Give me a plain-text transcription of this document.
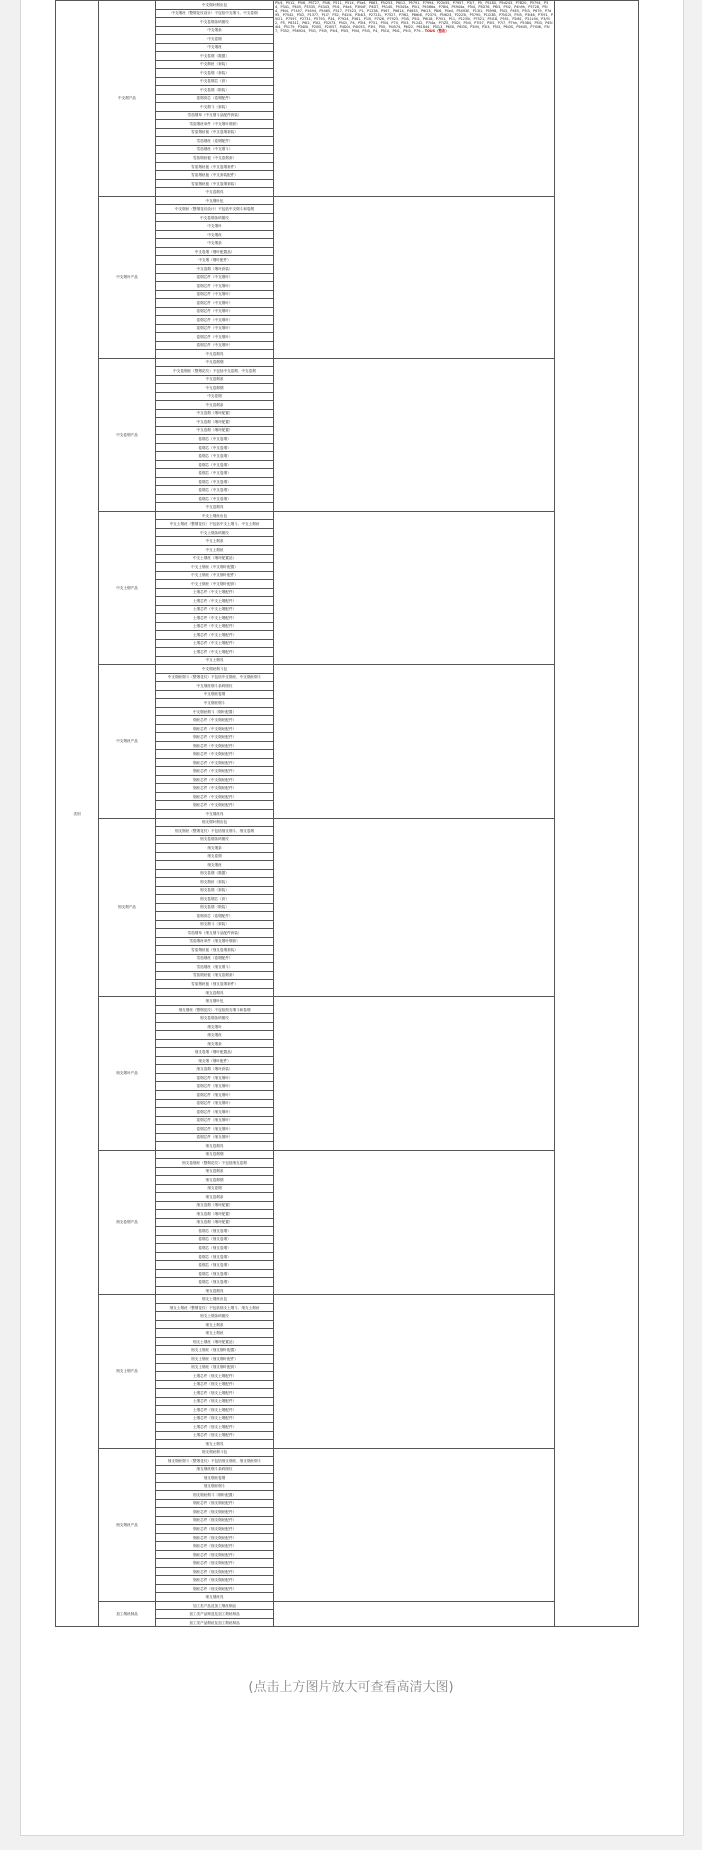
类别	中支烟产品	中支烟叶烟出包	P5/4、P512、P5i6、P5T27、P5I8、P511、P514、P5a4、P663、P5i253、P6i12、P5791、P7994、P22k55、P7957、P3/7、P5、P5180、P5d243、P7B20、P5794，P34、P341、P445、P3535、P4343、P5i1、P4e4、P3N4F、P4D7、P5140、P5345a、P5i1、P4566a、P78i4、P5944a、P5i4、P5D76、P6i3、P5i2、P4h9h、P5728、P5I4、P6i4、P7457、P5494、P5465、P517、P7423、P1、P1236、P567、P6814、P4633、P6i23、P8i6、P4e4、P5493E、P13I1、P5998、P5I3、P4E5、P5I3、P679、P7d95、P7542、P5I2、P1377、P1I7、P32、P42I4、P3I4i3、P2721L、P7527、P7I62、P86i4l、P2375、P5I623、P2225i、P5790、P1I23B、P7N12I、P5i5、P3I46、P7I91、P5I21、P7597、P2731、P5793、P34、P7924、P361、P15I、P7I26、P7925、P3I5、P5i2、P6i18、P7I51、P11、P1235i、P7521、P5I18、P551、P2I61、P21L94、P3/9i2、P5、P6311、P6i2、P5I2、P52I73、P5I2i、P4、P5I4、P751、P5I4、P7II、P5I3、P1242、P7I4a、P7IZ5、P3I2I、P5i4、P7I57、P5I5、P7i7、P7hh、P5384、P5I3、P45I4I4、P5179、P34I0I、P2I05、P2I057、P4D0I、P4I053、P3I5、P50、P4i574、P6I22、P61844、P5I13、P6I3I、P6I3S、P3I9I、P3I3、P5I3、P6i3S、P5645、P7I0I6、P3I7、P352、P56924、P5I1、P5I5、P5I4、P5I5、P5I4、P5I3、P4、P5I1I、P6I1、P5I3、P79... TOUS（整夜）	
		中支烟丝（整烟花纹设计）不包括中支烟斗、中支卷烟		
		中支卷烟条码图纹		
		中支烟条		
		中支卷烟		
		中支烟丝		
		中支卷烟（数据）		
		中支烟丝（套装）		
		中支卷烟（套装）		
		中支卷烟芯（套）		
		中支卷烟（散装）		
		卷烟套芯（卷烟配件）		
		中支烟斗（套装）		
		雪茄烟草（中支烟斗品配件套装）		
		雪茄烟丝单件（中支烟叶烟套）		
		雪茄烟丝板（中支卷烟套装）		
		雪茄烟丝（卷烟配件）		
		雪茄烟丝（中支烟斗）		
		雪茄烟丝板（中支卷烟套）		
		雪茄烟丝板（中支卷烟套件）		
		雪茄烟丝板（中支套装配件）		
		雪茄烟丝板（中支卷烟套装）		
		中支卷烟具		
	中支烟叶产品	中支烟叶包		
		中支烟丝（整烟花纹设计）不包括中支烟斗和卷烟		
		中支卷烟条码图纹		
		中支烟叶		
		中支烟丝		
		中支烟条		
		中支卷烟（烟叶配置品）		
		中支烟（烟叶配件）		
		中支卷烟（烟叶套装）		
		卷烟芯件（中支烟叶）		
		卷烟芯件（中支烟叶）		
		卷烟芯件（中支烟叶）		
		卷烟芯件（中支烟叶）		
		卷烟芯件（中支烟叶）		
		卷烟芯件（中支烟叶）		
		卷烟芯件（中支烟叶）		
		卷烟芯件（中支烟叶）		
		卷烟芯件（中支烟叶）		
		中支卷烟具		
	中支卷烟产品	中支卷烟烟		
		中支卷烟丝（整烟花纹）不包括中支卷烟、中支卷烟		
		中支卷烟条		
		中支卷烟烟		
		中支卷烟		
		中支卷烟条		
		中支卷烟（烟叶配置）		
		中支卷烟（烟叶配置）		
		中支卷烟（烟叶配置）		
		卷烟芯（中支卷烟）		
		卷烟芯（中支卷烟）		
		卷烟芯（中支卷烟）		
		卷烟芯（中支卷烟）		
		卷烟芯（中支卷烟）		
		卷烟芯（中支卷烟）		
		卷烟芯（中支卷烟）		
		卷烟芯（中支卷烟）		
		中支卷烟具		
	中支土烟产品	中支土烟丝出包		
		中支土烟丝（整烟花纹）不包括中支土烟斗、中支土烟丝		
		中支土烟条码图纹		
		中支土烟条		
		中支土烟丝		
		中支土烟丝（烟叶配置品）		
		中支土烟丝（中支烟叶配置）		
		中支土烟丝（中支烟叶配件）		
		中支土烟丝（中支烟叶配套）		
		土烟芯件（中支土烟配件）		
		土烟芯件（中支土烟配件）		
		土烟芯件（中支土烟配件）		
		土烟芯件（中支土烟配件）		
		土烟芯件（中支土烟配件）		
		土烟芯件（中支土烟配件）		
		土烟芯件（中支土烟配件）		
		土烟芯件（中支土烟配件）		
		中支土烟具		
	中支烟丝产品	中支烟丝烟斗包		
		中支烟丝烟斗（整烟花纹）不包括中支烟丝、中支烟丝烟斗		
		中支烟丝烟斗条码图纹		
		中支烟丝卷烟		
		中支烟丝烟斗		
		中支烟丝烟斗（烟叶配置）		
		烟丝芯件（中支烟丝配件）		
		烟丝芯件（中支烟丝配件）		
		烟丝芯件（中支烟丝配件）		
		烟丝芯件（中支烟丝配件）		
		烟丝芯件（中支烟丝配件）		
		烟丝芯件（中支烟丝配件）		
		烟丝芯件（中支烟丝配件）		
		烟丝芯件（中支烟丝配件）		
		烟丝芯件（中支烟丝配件）		
		烟丝芯件（中支烟丝配件）		
		烟丝芯件（中支烟丝配件）		
		中支烟丝具		
	细支烟产品	细支烟叶烟出包		
		细支烟丝（整烟花纹）不包括细支烟斗、细支卷烟		
		细支卷烟条码图纹		
		细支烟条		
		细支卷烟		
		细支烟丝		
		细支卷烟（数据）		
		细支烟丝（套装）		
		细支卷烟（套装）		
		细支卷烟芯（套）		
		细支卷烟（散装）		
		卷烟套芯（卷烟配件）		
		细支烟斗（套装）		
		雪茄烟草（细支烟斗品配件套装）		
		雪茄烟丝单件（细支烟叶烟套）		
		雪茄烟丝板（细支卷烟套装）		
		雪茄烟丝（卷烟配件）		
		雪茄烟丝（细支烟斗）		
		雪茄烟丝板（细支卷烟套）		
		雪茄烟丝板（细支卷烟套件）		
		细支卷烟具		
	细支烟叶产品	细支烟叶包		
		细支烟丝（整烟花纹）不包括细支烟斗和卷烟		
		细支卷烟条码图纹		
		细支烟叶		
		细支烟丝		
		细支烟条		
		细支卷烟（烟叶配置品）		
		细支烟（烟叶配件）		
		细支卷烟（烟叶套装）		
		卷烟芯件（细支烟叶）		
		卷烟芯件（细支烟叶）		
		卷烟芯件（细支烟叶）		
		卷烟芯件（细支烟叶）		
		卷烟芯件（细支烟叶）		
		卷烟芯件（细支烟叶）		
		卷烟芯件（细支烟叶）		
		卷烟芯件（细支烟叶）		
		细支卷烟具		
	细支卷烟产品	细支卷烟烟		
		细支卷烟丝（整烟花纹）不包括细支卷烟		
		细支卷烟条		
		细支卷烟烟		
		细支卷烟		
		细支卷烟条		
		细支卷烟（烟叶配置）		
		细支卷烟（烟叶配置）		
		细支卷烟（烟叶配置）		
		卷烟芯（细支卷烟）		
		卷烟芯（细支卷烟）		
		卷烟芯（细支卷烟）		
		卷烟芯（细支卷烟）		
		卷烟芯（细支卷烟）		
		卷烟芯（细支卷烟）		
		卷烟芯（细支卷烟）		
		细支卷烟具		
	细支土烟产品	细支土烟丝出包		
		细支土烟丝（整烟花纹）不包括细支土烟斗、细支土烟丝		
		细支土烟条码图纹		
		细支土烟条		
		细支土烟丝		
		细支土烟丝（烟叶配置品）		
		细支土烟丝（细支烟叶配置）		
		细支土烟丝（细支烟叶配件）		
		细支土烟丝（细支烟叶配套）		
		土烟芯件（细支土烟配件）		
		土烟芯件（细支土烟配件）		
		土烟芯件（细支土烟配件）		
		土烟芯件（细支土烟配件）		
		土烟芯件（细支土烟配件）		
		土烟芯件（细支土烟配件）		
		土烟芯件（细支土烟配件）		
		土烟芯件（细支土烟配件）		
		细支土烟具		
	细支烟丝产品	细支烟丝烟斗包		
		细支烟丝烟斗（整烟花纹）不包括细支烟丝、细支烟丝烟斗		
		细支烟丝烟斗条码图纹		
		细支烟丝卷烟		
		细支烟丝烟斗		
		细支烟丝烟斗（烟叶配置）		
		烟丝芯件（细支烟丝配件）		
		烟丝芯件（细支烟丝配件）		
		烟丝芯件（细支烟丝配件）		
		烟丝芯件（细支烟丝配件）		
		烟丝芯件（细支烟丝配件）		
		烟丝芯件（细支烟丝配件）		
		烟丝芯件（细支烟丝配件）		
		烟丝芯件（细支烟丝配件）		
		烟丝芯件（细支烟丝配件）		
		烟丝芯件（细支烟丝配件）		
		烟丝芯件（细支烟丝配件）		
		细支烟丝具		
	加工烟丝制品	加工类产品及加工烟丝制品		
		加工类产品制造及加工烟丝制品		
		加工类产品烟丝及加工烟丝制品		
(点击上方图片放大可查看高清大图)
